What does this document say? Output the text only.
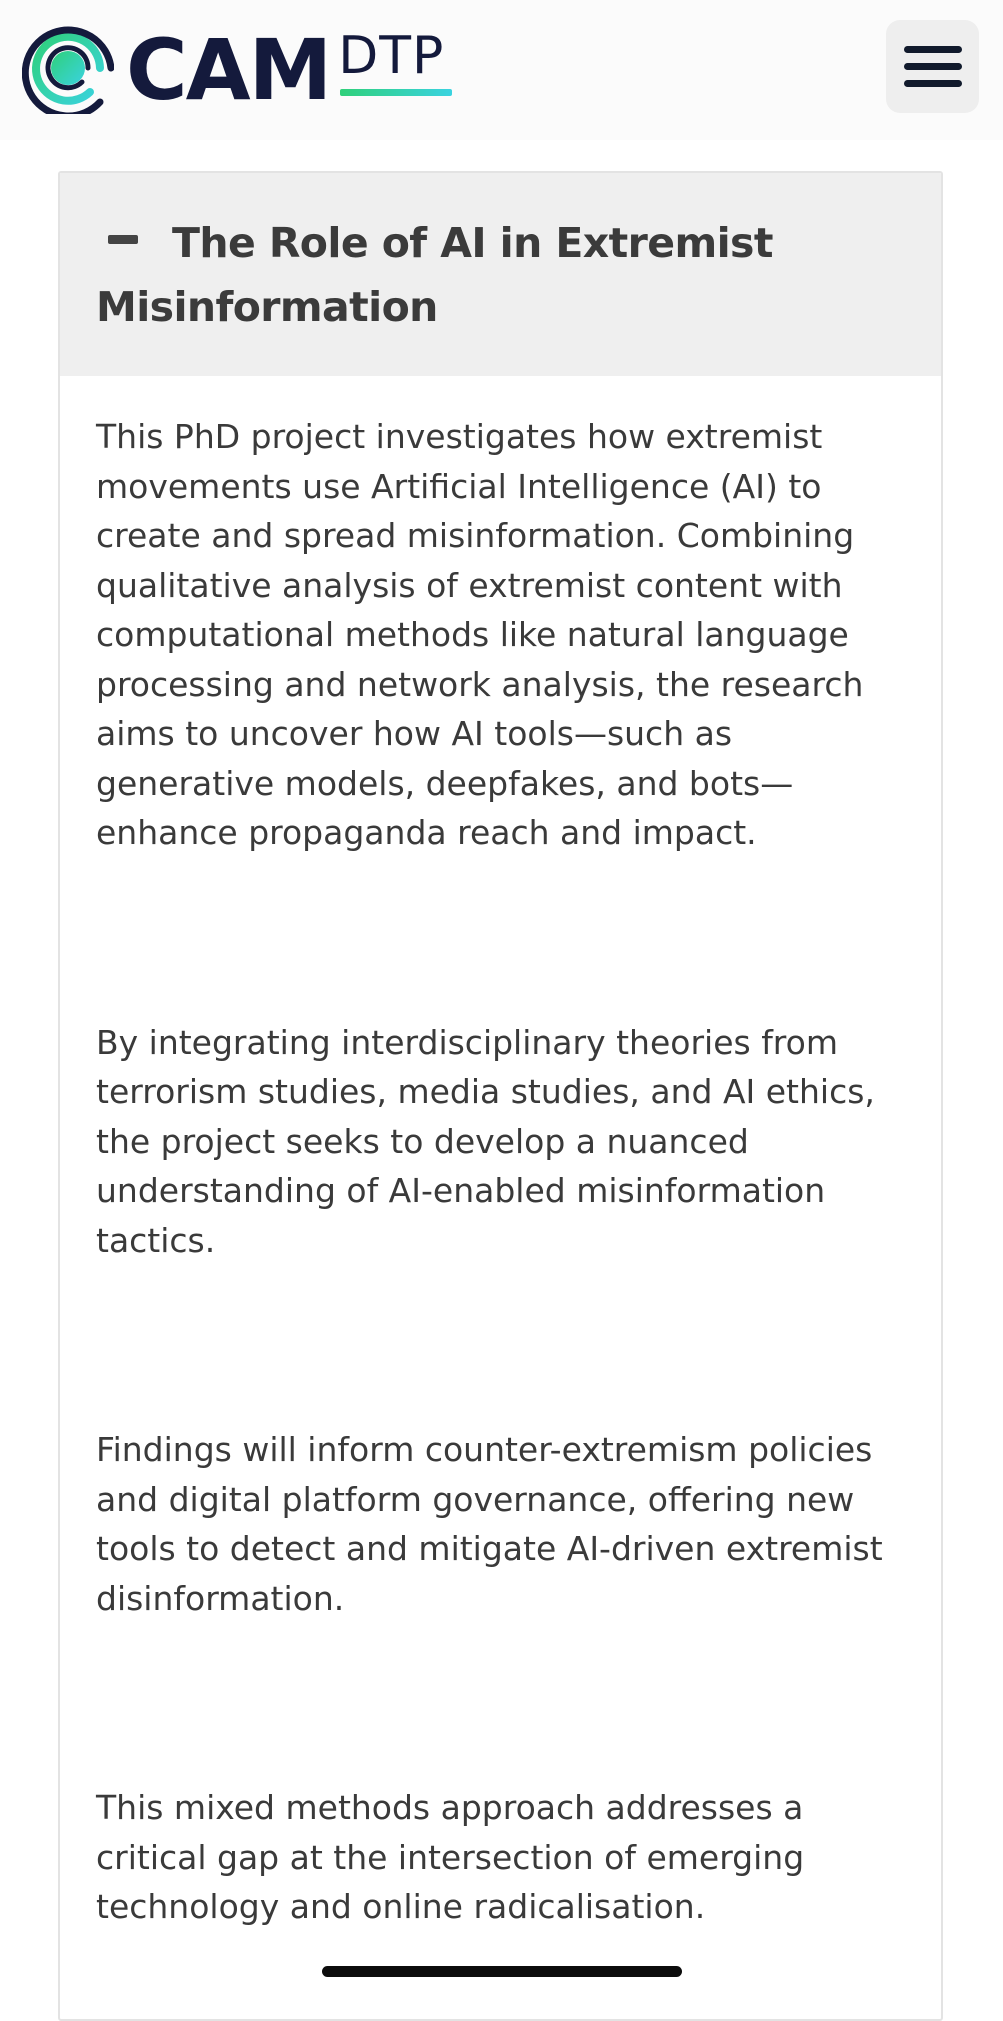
CAM DTP
The Role of AI in Extremist Misinformation

This PhD project investigates how extremist movements use Artificial Intelligence (AI) to create and spread misinformation. Combining qualitative analysis of extremist content with computational methods like natural language processing and network analysis, the research aims to uncover how AI tools—such as generative models, deepfakes, and bots—enhance propaganda reach and impact.

By integrating interdisciplinary theories from terrorism studies, media studies, and AI ethics, the project seeks to develop a nuanced understanding of AI-enabled misinformation tactics.

Findings will inform counter-extremism policies and digital platform governance, offering new tools to detect and mitigate AI-driven extremist disinformation.

This mixed methods approach addresses a critical gap at the intersection of emerging technology and online radicalisation.
